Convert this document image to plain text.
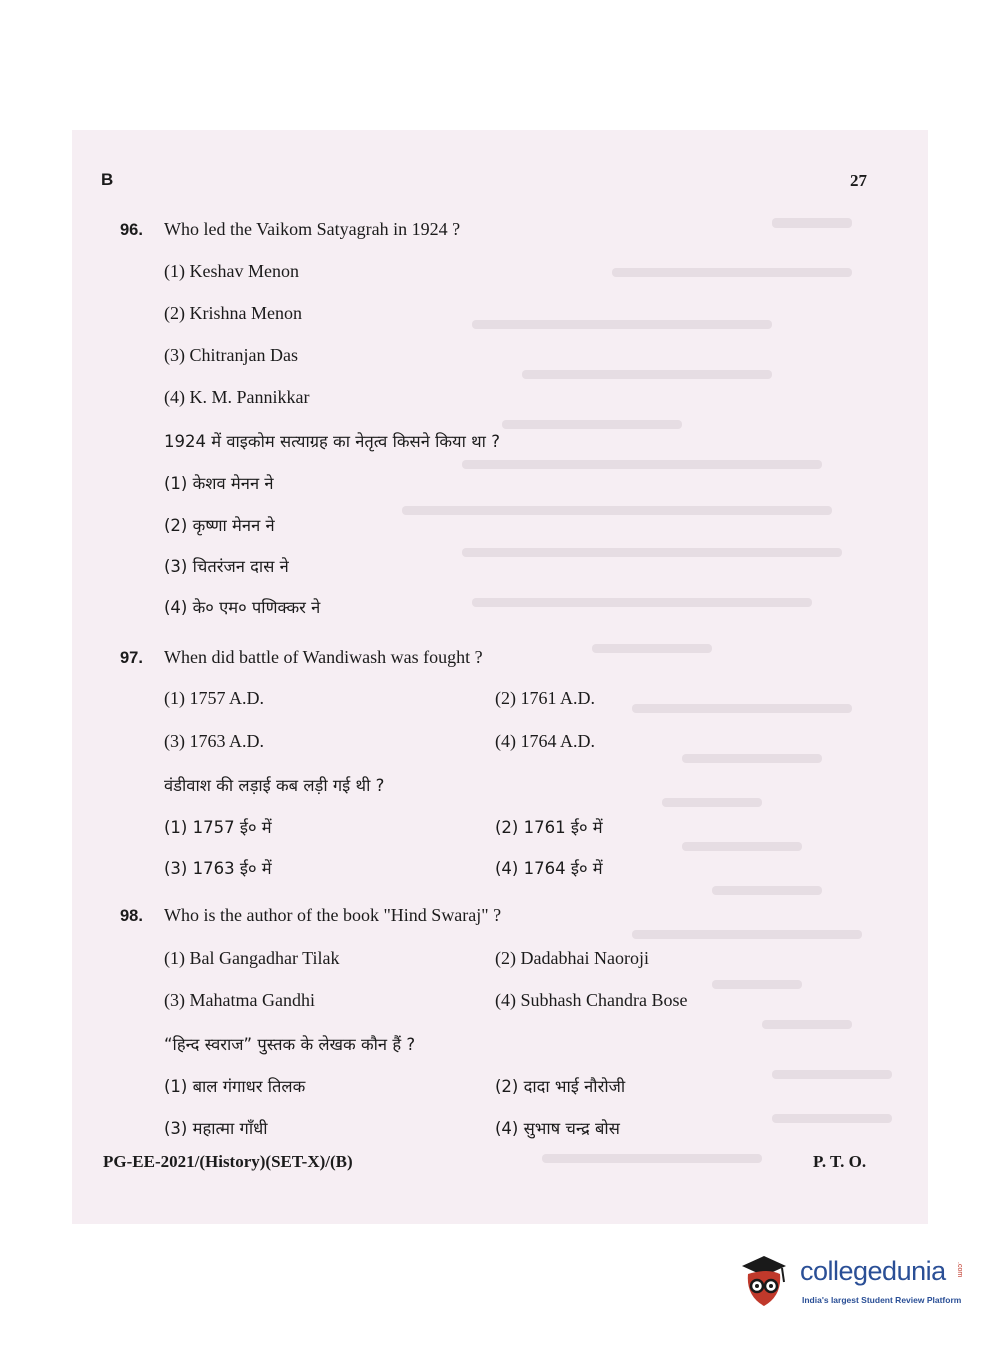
B	27
96. Who led the Vaikom Satyagrah in 1924 ?
(1) Keshav Menon
(2) Krishna Menon
(3) Chitranjan Das
(4) K. M. Pannikkar
1924 में वाइकोम सत्याग्रह का नेतृत्व किसने किया था ?
(1) केशव मेनन ने
(2) कृष्णा मेनन ने
(3) चितरंजन दास ने
(4) के० एम० पणिक्कर ने
97. When did battle of Wandiwash was fought ?
(1) 1757 A.D.	(2) 1761 A.D.
(3) 1763 A.D.	(4) 1764 A.D.
वंडीवाश की लड़ाई कब लड़ी गई थी ?
(1) 1757 ई० में	(2) 1761 ई० में
(3) 1763 ई० में	(4) 1764 ई० में
98. Who is the author of the book "Hind Swaraj" ?
(1) Bal Gangadhar Tilak	(2) Dadabhai Naoroji
(3) Mahatma Gandhi	(4) Subhash Chandra Bose
“हिन्द स्वराज” पुस्तक के लेखक कौन हैं ?
(1) बाल गंगाधर तिलक	(2) दादा भाई नौरोजी
(3) महात्मा गाँधी	(4) सुभाष चन्द्र बोस
PG-EE-2021/(History)(SET-X)/(B)	P. T. O.
collegedunia .com
India's largest Student Review Platform
